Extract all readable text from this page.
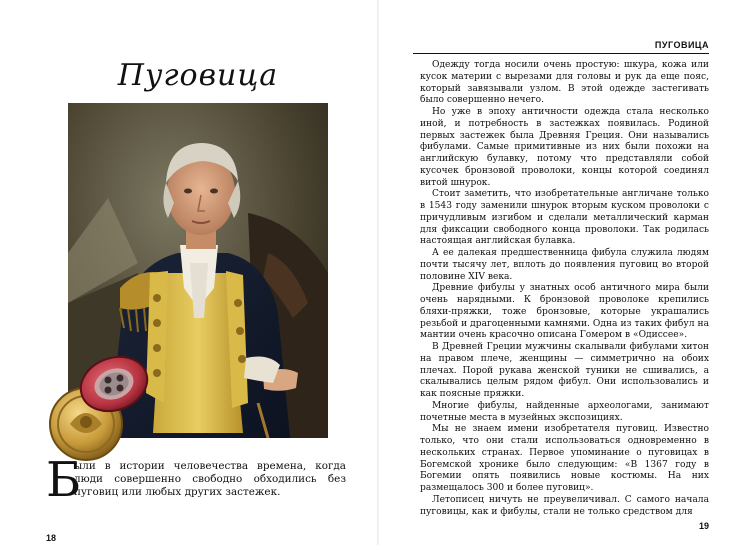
Пуговица
Б
ыли в истории человечества времена, когда люди совершенно свободно обходились без пуговиц или любых других застежек.
18
ПУГОВИЦА

Одежду тогда носили очень простую: шкура, кожа или кусок материи с вырезами для головы и рук да еще пояс, который завязывали узлом. В этой одежде застегивать было совершенно нечего.

Но уже в эпоху античности одежда стала несколько иной, и потребность в застежках появилась. Родиной первых застежек была Древняя Греция. Они назывались фибулами. Самые примитивные из них были похожи на английскую булавку, потому что представляли собой кусочек бронзовой проволоки, концы которой соединял витой шнурок.

Стоит заметить, что изобретательные англичане только в 1543 году заменили шнурок вторым куском проволоки с причудливым изгибом и сделали металлический карман для фиксации свободного конца проволоки. Так родилась настоящая английская булавка.

А ее далекая предшественница фибула служила людям почти тысячу лет, вплоть до появления пуговиц во второй половине XIV века.

Древние фибулы у знатных особ античного мира были очень нарядными. К бронзовой проволоке крепились бляхи-пряжки, тоже бронзовые, которые украшались резьбой и драгоценными камнями. Одна из таких фибул на мантии очень красочно описана Гомером в «Одиссее».

В Древней Греции мужчины скалывали фибулами хитон на правом плече, женщины — симметрично на обоих плечах. Порой рукава женской туники не сшивались, а скалывались целым рядом фибул. Они использовались и как поясные пряжки.

Многие фибулы, найденные археологами, занимают почетные места в музейных экспозициях.

Мы не знаем имени изобретателя пуговиц. Известно только, что они стали использоваться одновременно в нескольких странах. Первое упоминание о пуговицах в Богемской хронике было следующим: «В 1367 году в Богемии опять появились новые костюмы. На них размещалось 300 и более пуговиц».

Летописец ничуть не преувеличивал. С самого начала пуговицы, как и фибулы, стали не только средством для

19
